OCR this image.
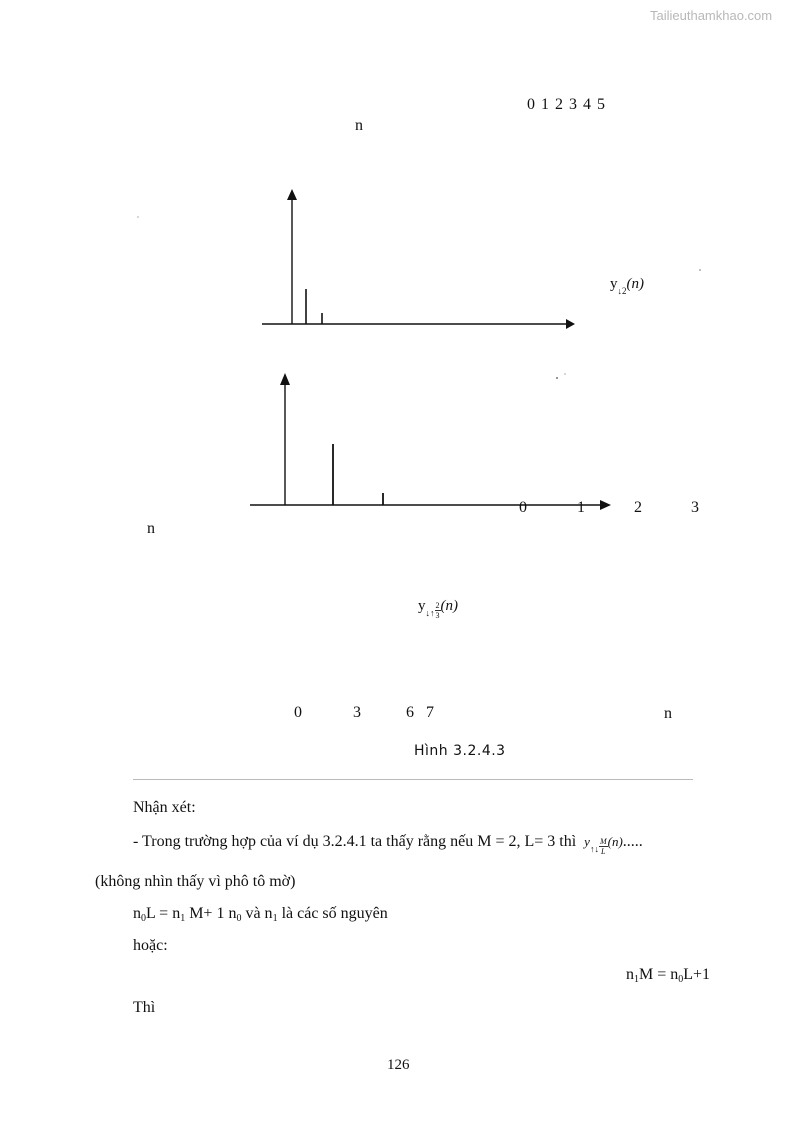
Tailieuthamkhao.com
0 1 2 3 4 5
n
$y_{↓2}(n)$
0	1	2	3
n
$y_{↓↑} \frac{2}{3} (n)$
0	3	6 7	n
Hình 3.2.4.3
Nhận xét:
- Trong trường hợp của ví dụ 3.2.4.1 ta thấy rằng nếu M = 2, L= 3 thì $y_{↑↓} \frac{M}{L} (n)$.....
(không nhìn thấy vì phô tô mờ)
$n_0L = n_1$ M+ 1 $n_0$ và $n_1$ là các số nguyên
hoặc:
$n_1M = n_0L+1$
Thì
126
